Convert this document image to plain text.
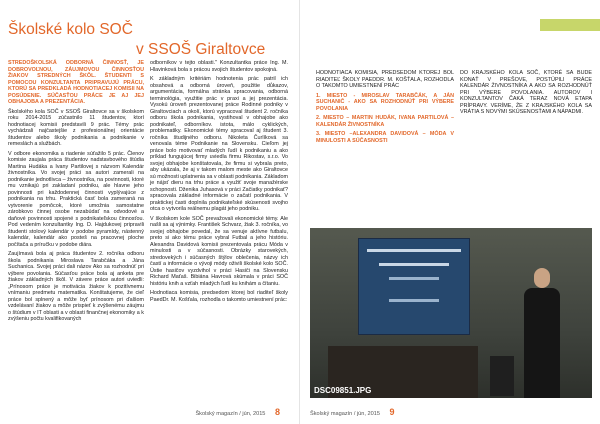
Školské kolo SOČ
v SSOŠ Giraltovce

STREDOŠKOLSKÁ ODBORNÁ ČINNOSŤ, JE DOBROVOĽNOU, ZÁUJMOVOU ČINNOSŤOU ŽIAKOV STREDNÝCH ŠKÔL. ŠTUDENTI S POMOCOU KONZULTANTA PRIPRAVUJÚ PRÁCU, KTORÚ SA PREDKLADÁ HODNOTIACEJ KOMISII NA POSÚDENIE. SÚČASŤOU PRÁCE JE AJ JEJ OBHAJOBA A PREZENTÁCIA.

Školského kola SOČ v SSOŠ Giraltovce sa v školskom roku 2014-2015 zúčastnilo 11 študentov, ktorí hodnotiacej komisii predstavili 9 prác. Témy prác vychádzali najčastejšie z profesionálnej orientácie študentov alebo školy podnikania a podnikanie v remeslách a službách.

V odbore ekonomika a riadenie súťažilo 5 prác. Členov komisie zaujala práca študentov nadstavbového štúdia Martina Hudáka a Ivany Partilovej s názvom Kalendár živnostníka. Vo svojej práci sa autori zamerali na podnikanie jednotlivca – živnostníka, na povinnosti, ktoré mu vznikajú pri zakladaní podniku, ale hlavne jeho povinnosti pri každodennej činnosti vyplývajúce z podnikania na trhu. Praktická časť bola zameraná na vytvorenie pomôcok, ktoré umožnia samostatne zárobkovo činnej osobe nezabúdať na odvodové a daňové povinnosti spojené s podnikateľskou činnosťou. Pod vedením konzultantky Ing. D. Hajdukovej pripravili študenti stolový kalendár v podobe pyramídy, nástenný kalendár, kalendár ako posteš na pracovnej ploche počítača a príručku v podobe diára.

Zaujímavá bola aj práca študentov 2. ročníka odboru škola podnikania Miroslava Tarabčáka a Jána Suchanica. Svojej práci dali názov Ako sa rozhodnúť pri výbere povolania. Súčasťou práce bola aj anketa pre žiakov základných škôl. V závere práce autori uviedli: „Prínosom práce je motivácia žiakov k pozitívnemu vnímaniu predmetu matematika. Konštatujeme, že cieľ práce bol splnený a môže byť prínosom pri ďalšom vzdelávaní žiakov a môže prispieť k zvýšenému záujmu o štúdium v IT oblasti a v oblasti finančnej ekonomiky a k zvýšeniu počtu kvalifikovaných

odborníkov v tejto oblasti." Konzultantka práce Ing. M. Hlavinková bola s prácou svojich študentov spokojná.

K základným kritériám hodnotenia prác patril ich obsahová a odborná úroveň, použitie důkazov, argumentácia, formálna stránka spracovania, odborná terminológia, využitie prác v praxi a jej prezentácia. Vysokú úroveň prezentovanej práce Rodinné podniky v Giraltovciach a okolí, ktorú vypracoval študent 2. ročníka odboru škola podnikania, vystihoval v obhajobe ako podnikateľ, odborníkov. istota, málo cyklických, problematiky. Ekonomické témy spracoval aj študent 3. ročníka študijného odboru. Nikoleta Čurlíková sa venovala téme Podnikanie na Slovensku. Cieľom jej práce bolo motivovať mladých ľudí k podnikaniu a ako príklad fungujúcej firmy uviedla firmu Rikostav, s.r.o. Vo svojej obhajobe konštatovala, že firmu si vybrala preto, aby ukázala, že aj v takom malom meste ako Giraltovce sú možnosti uplatnenia sa v oblasti podnikania. Základom je nájsť dieru na trhu práce a využiť svoje manažérske schopnosti. Dženika Juhasová v práci Začiatky podnikať? spracovala základné informácie o začatí podnikania. V praktickej časti doplnila podnikateľské skúsenosti svojho otca o vytvorila reálnemu plagát jeho podniku.

V školskom kole SOČ prevažovali ekonomické témy. Ale našli sa aj výnimky. František Schvarz, žiak 3. ročníka, vo svojej obhajobe povedal, že sa venuje aktívne futbalu, preto si ako tému práce vybral Futbal a jeho históriu. Alexandra Davidová komisii prezentovala prácu Móda v minulosti a v súčasnosti. Obrázky starovekých, stredovekých i súčasných štýlov oblečenia, názvy ich častí a informácie o vývoji módy oživili školské kolo SOČ. Ústie hasičov vyzdvihol v práci Hasiči na Slovensku Richard Maťaš. Bibiána Havrová skúmala v práci SOČ históriu knih a vzťah mladých ľudí ku knihám a čítaniu.

Hodnotiaca komisia, predsedom ktorej bol riaditeľ školy PaedDr. M. Košťala, rozhodla o takomto umiestnení prác:

Školský magazín / jún, 2015 8

HODNOTIACA KOMISIA, PREDSEDOM KTOREJ BOL RIADITEĽ ŠKOLY PAEDDR. M. KOŠŤALA, ROZHODLA O TAKOMTO UMIESTNENÍ PRÁC

1. MIESTO - MIROSLAV TARABČÁK, A JÁN SUCHANIČ - AKO SA ROZHODNÚŤ PRI VÝBERE POVOLANIA

2. MIESTO – MARTIN HUDÁK, IVANA PARTILOVÁ – KALENDÁR ŽIVNOSTNÍKA

3. MIESTO –ALEXANDRA DAVIDOVÁ – MÓDA V MINULOSTI A SÚČASNOSTI

DO KRAJSKÉHO KOLA SOČ, KTORÉ SA BUDE KONAŤ V PREŠOVE, POSTÚPILI PRÁCE KALENDÁR ŽIVNOSTNÍKA A AKO SA ROZHODNÚŤ PRI VÝBERE POVOLANIA. AUTOROV I KONZULTANTOV ČAKÁ TERAZ NOVÁ ETAPA PRÍPRAVY. VERÍME, ŽE Z KRAJSKÉHO KOLA SA VRÁTIA S NOVÝMI SKÚSENOSŤAMI A NÁPADMI.

DSC09851.JPG
Školský magazín / jún, 2015 9
